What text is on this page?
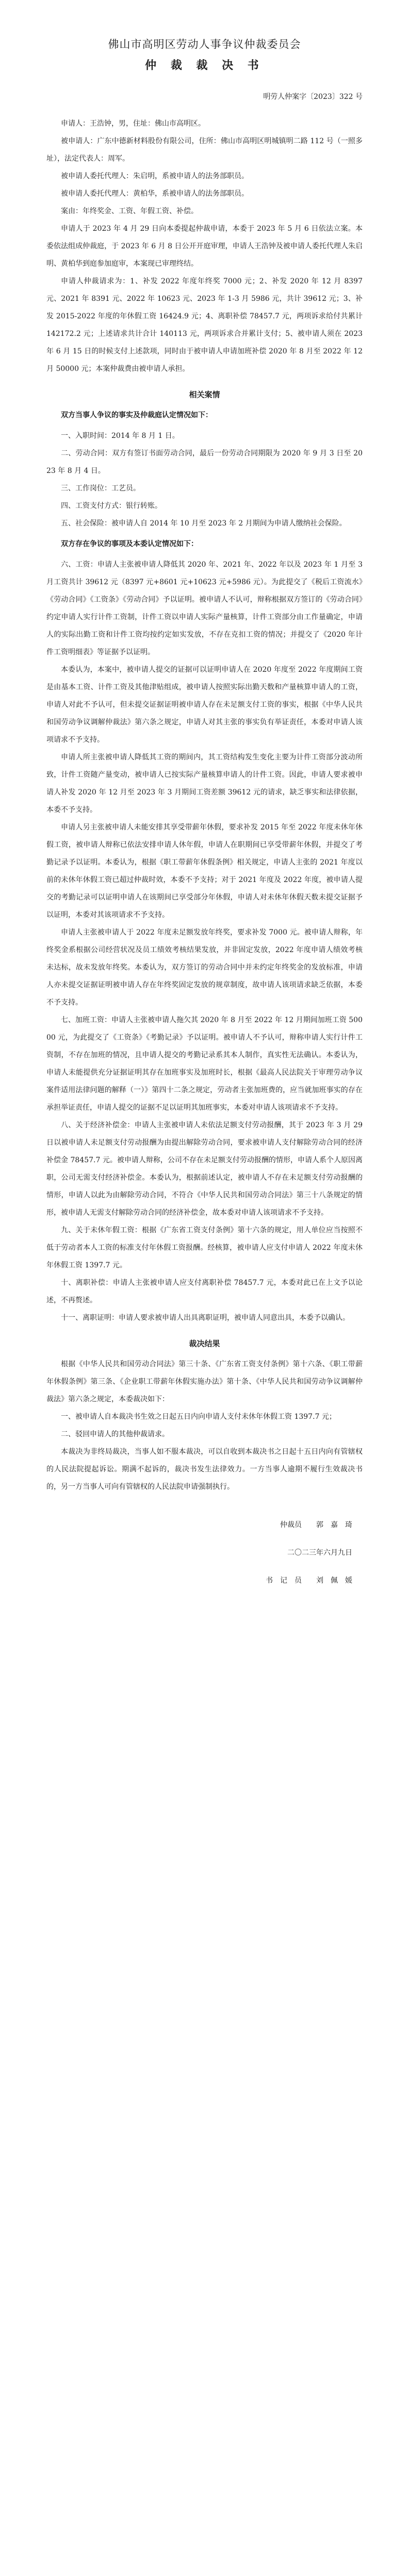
佛山市高明区劳动人事争议仲裁委员会
仲 裁 裁 决 书

明劳人仲案字〔2023〕322 号

申请人：王浩钟，男，住址：佛山市高明区。

被申请人：广东中德新材料股份有限公司，住所：佛山市高明区明城镇明二路 112 号（一照多址），法定代表人：周军。

被申请人委托代理人：朱启明，系被申请人的法务部职员。

被申请人委托代理人：黄柏华，系被申请人的法务部职员。

案由：年终奖金、工资、年假工资、补偿。

申请人于 2023 年 4 月 29 日向本委提起仲裁申请，本委于 2023 年 5 月 6 日依法立案。本委依法组成仲裁庭，于 2023 年 6 月 8 日公开开庭审理，申请人王浩钟及被申请人委托代理人朱启明、黄柏华到庭参加庭审，本案现已审理终结。

申请人仲裁请求为：1、补发 2022 年度年终奖 7000 元；2、补发 2020 年 12 月 8397 元、2021 年 8391 元、2022 年 10623 元、2023 年 1-3 月 5986 元，共计 39612 元；3、补发 2015-2022 年度的年休假工资 16424.9 元；4、离职补偿 78457.7 元，两项诉求给付共累计 142172.2 元；上述请求共计合计 140113 元，两项诉求合并累计支付；5、被申请人须在 2023 年 6 月 15 日的时候支付上述款项，同时由于被申请人申请加班补偿 2020 年 8 月至 2022 年 12 月 50000 元；本案仲裁费由被申请人承担。

相关案情
双方当事人争议的事实及仲裁庭认定情况如下：

一、入职时间：2014 年 8 月 1 日。

二、劳动合同：双方有签订书面劳动合同，最后一份劳动合同期限为 2020 年 9 月 3 日至 2023 年 8 月 4 日。

三、工作岗位：工艺员。

四、工资支付方式：银行转账。

五、社会保险：被申请人自 2014 年 10 月至 2023 年 2 月期间为申请人缴纳社会保险。

双方存在争议的事项及本委认定情况如下：

六、工资：申请人主张被申请人降低其 2020 年、2021 年、2022 年以及 2023 年 1 月至 3 月工资共计 39612 元（8397 元+8601 元+10623 元+5986 元）。为此提交了《税后工资流水》《劳动合同》《工资条》《劳动合同》予以证明。被申请人不认可，辩称根据双方签订的《劳动合同》约定申请人实行计件工资制，计件工资以申请人实际产量核算，计件工资部分由工作量确定，申请人的实际出勤工资和计件工资均按约定如实发放，不存在克扣工资的情况；并提交了《2020 年计件工资明细表》等证据予以证明。

本委认为，本案中，被申请人提交的证据可以证明申请人在 2020 年度至 2022 年度期间工资是由基本工资、计件工资及其他津贴组成，被申请人按照实际出勤天数和产量核算申请人的工资，申请人对此不予认可，但未提交证据证明被申请人存在未足额支付工资的事实，根据《中华人民共和国劳动争议调解仲裁法》第六条之规定，申请人对其主张的事实负有举证责任，本委对申请人该项请求不予支持。

申请人所主张被申请人降低其工资的期间内，其工资结构发生变化主要为计件工资部分波动所致，计件工资随产量变动，被申请人已按实际产量核算申请人的计件工资。因此，申请人要求被申请人补发 2020 年 12 月至 2023 年 3 月期间工资差额 39612 元的请求，缺乏事实和法律依据，本委不予支持。

申请人另主张被申请人未能安排其享受带薪年休假，要求补发 2015 年至 2022 年度未休年休假工资，被申请人辩称已依法安排申请人休年假，申请人在职期间已享受带薪年休假，并提交了考勤记录予以证明。本委认为，根据《职工带薪年休假条例》相关规定，申请人主张的 2021 年度以前的未休年休假工资已超过仲裁时效，本委不予支持；对于 2021 年度及 2022 年度，被申请人提交的考勤记录可以证明申请人在该期间已享受部分年休假，申请人对未休年休假天数未提交证据予以证明，本委对其该项请求不予支持。

申请人主张被申请人于 2022 年度未足额发放年终奖，要求补发 7000 元。被申请人辩称，年终奖金系根据公司经营状况及员工绩效考核结果发放，并非固定发放，2022 年度申请人绩效考核未达标，故未发放年终奖。本委认为，双方签订的劳动合同中并未约定年终奖金的发放标准，申请人亦未提交证据证明被申请人存在年终奖固定发放的规章制度，故申请人该项请求缺乏依据，本委不予支持。

七、加班工资：申请人主张被申请人拖欠其 2020 年 8 月至 2022 年 12 月期间加班工资 50000 元，为此提交了《工资条》《考勤记录》予以证明。被申请人不予认可，辩称申请人实行计件工资制，不存在加班的情况，且申请人提交的考勤记录系其本人制作，真实性无法确认。本委认为，申请人未能提供充分证据证明其存在加班事实及加班时长，根据《最高人民法院关于审理劳动争议案件适用法律问题的解释（一）》第四十二条之规定，劳动者主张加班费的，应当就加班事实的存在承担举证责任，申请人提交的证据不足以证明其加班事实，本委对申请人该项请求不予支持。

八、关于经济补偿金：申请人主张被申请人未依法足额支付劳动报酬，其于 2023 年 3 月 29 日以被申请人未足额支付劳动报酬为由提出解除劳动合同，要求被申请人支付解除劳动合同的经济补偿金 78457.7 元。被申请人辩称，公司不存在未足额支付劳动报酬的情形，申请人系个人原因离职，公司无需支付经济补偿金。本委认为，根据前述认定，被申请人不存在未足额支付劳动报酬的情形，申请人以此为由解除劳动合同，不符合《中华人民共和国劳动合同法》第三十八条规定的情形，被申请人无需支付解除劳动合同的经济补偿金，故本委对申请人该项请求不予支持。

九、关于未休年假工资：根据《广东省工资支付条例》第十六条的规定，用人单位应当按照不低于劳动者本人工资的标准支付年休假工资报酬。经核算，被申请人应支付申请人 2022 年度未休年休假工资 1397.7 元。

十、离职补偿：申请人主张被申请人应支付离职补偿 78457.7 元，本委对此已在上文予以论述，不再赘述。

十一、离职证明：申请人要求被申请人出具离职证明，被申请人同意出具，本委予以确认。

裁决结果

根据《中华人民共和国劳动合同法》第三十条、《广东省工资支付条例》第十六条、《职工带薪年休假条例》第三条、《企业职工带薪年休假实施办法》第十条、《中华人民共和国劳动争议调解仲裁法》第六条之规定，本委裁决如下：

一、被申请人自本裁决书生效之日起五日内向申请人支付未休年休假工资 1397.7 元；

二、驳回申请人的其他仲裁请求。

本裁决为非终局裁决，当事人如不服本裁决，可以自收到本裁决书之日起十五日内向有管辖权的人民法院提起诉讼。期满不起诉的，裁决书发生法律效力。一方当事人逾期不履行生效裁决书的，另一方当事人可向有管辖权的人民法院申请强制执行。

仲裁员　　郭　嘉　琦

二〇二三年六月九日

书　记　员　　刘　佩　媛
